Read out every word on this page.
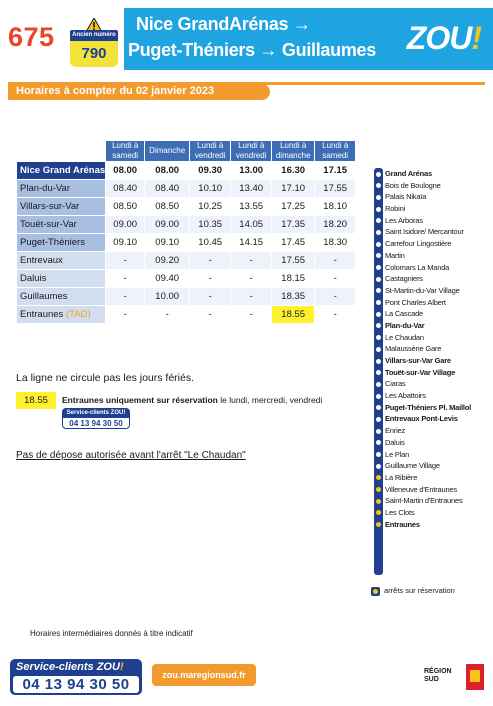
675	Ancien numéro
790
Nice GrandArénas →
Puget-Théniers → Guillaumes ZOU!
Horaires à compter du 02 janvier 2023
	Lundi à samedi	Dimanche	Lundi à vendredi	Lundi à vendredi	Lundi à dimanche	Lundi à samedi
Nice Grand Arénas	08.00	08.00	09.30	13.00	16.30	17.15
Plan-du-Var	08.40	08.40	10.10	13.40	17.10	17.55
Villars-sur-Var	08.50	08.50	10.25	13.55	17.25	18.10
Touët-sur-Var	09.00	09.00	10.35	14.05	17.35	18.20
Puget-Théniers	09.10	09.10	10.45	14.15	17.45	18.30
Entrevaux	-	09.20	-	-	17.55	-
Daluis	-	09.40	-	-	18.15	-
Guillaumes	-	10.00	-	-	18.35	-
Entraunes (TAD)	-	-	-	-	18.55	-
La ligne ne circule pas les jours fériés.
18.55	Entraunes uniquement sur réservation le lundi, mercredi, vendredi
Service-clients ZOU!
04 13 94 30 50
Pas de dépose autorisée avant l'arrêt "Le Chaudan"
Grand Arénas
Bois de Boulogne
Palais Nikaïa
Robini
Les Arboras
Saint Isidore/ Mercantour
Carrefour Lingostière
Martin
Colomars La Manda
Castagniers
St-Martin-du-Var Village
Pont Charles Albert
La Cascade
Plan-du-Var
Le Chaudan
Malaussène Gare
Villars-sur-Var Gare
Touët-sur-Var Village
Ciaras
Les Abattoirs
Puget-Théniers Pl. Maillol
Entrevaux Pont-Levis
Enriez
Daluis
Le Plan
Guillaume Village
La Ribière
Villeneuve d'Entraunes
Saint-Martin d'Entraunes
Les Clots
Entraunes
arrêts sur réservation
Horaires intermédiaires donnés à titre indicatif
Service-clients ZOU!
04 13 94 30 50
zou.maregionsud.fr	RÉGION
SUD
